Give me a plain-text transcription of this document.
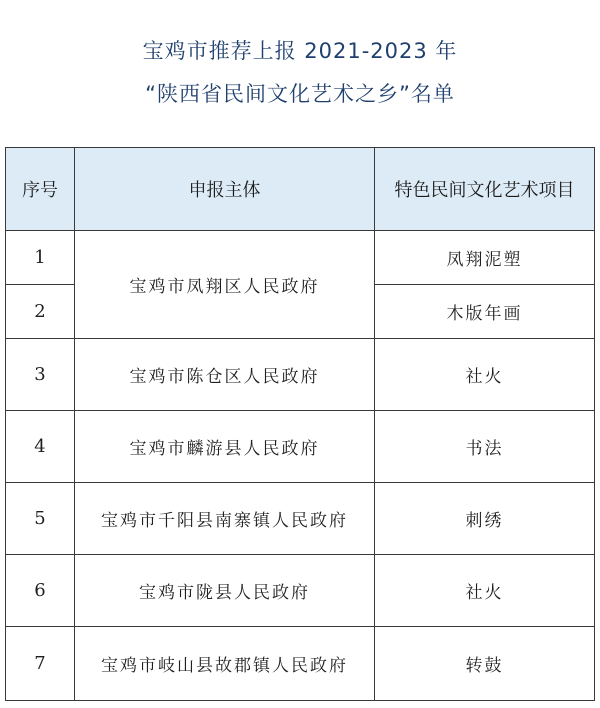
宝鸡市推荐上报 2021-2023 年
“陕西省民间文化艺术之乡”名单
序号	申报主体	特色民间文化艺术项目
1	宝鸡市凤翔区人民政府	凤翔泥塑
2		木版年画
3	宝鸡市陈仓区人民政府	社火
4	宝鸡市麟游县人民政府	书法
5	宝鸡市千阳县南寨镇人民政府	刺绣
6	宝鸡市陇县人民政府	社火
7	宝鸡市岐山县故郡镇人民政府	转鼓
